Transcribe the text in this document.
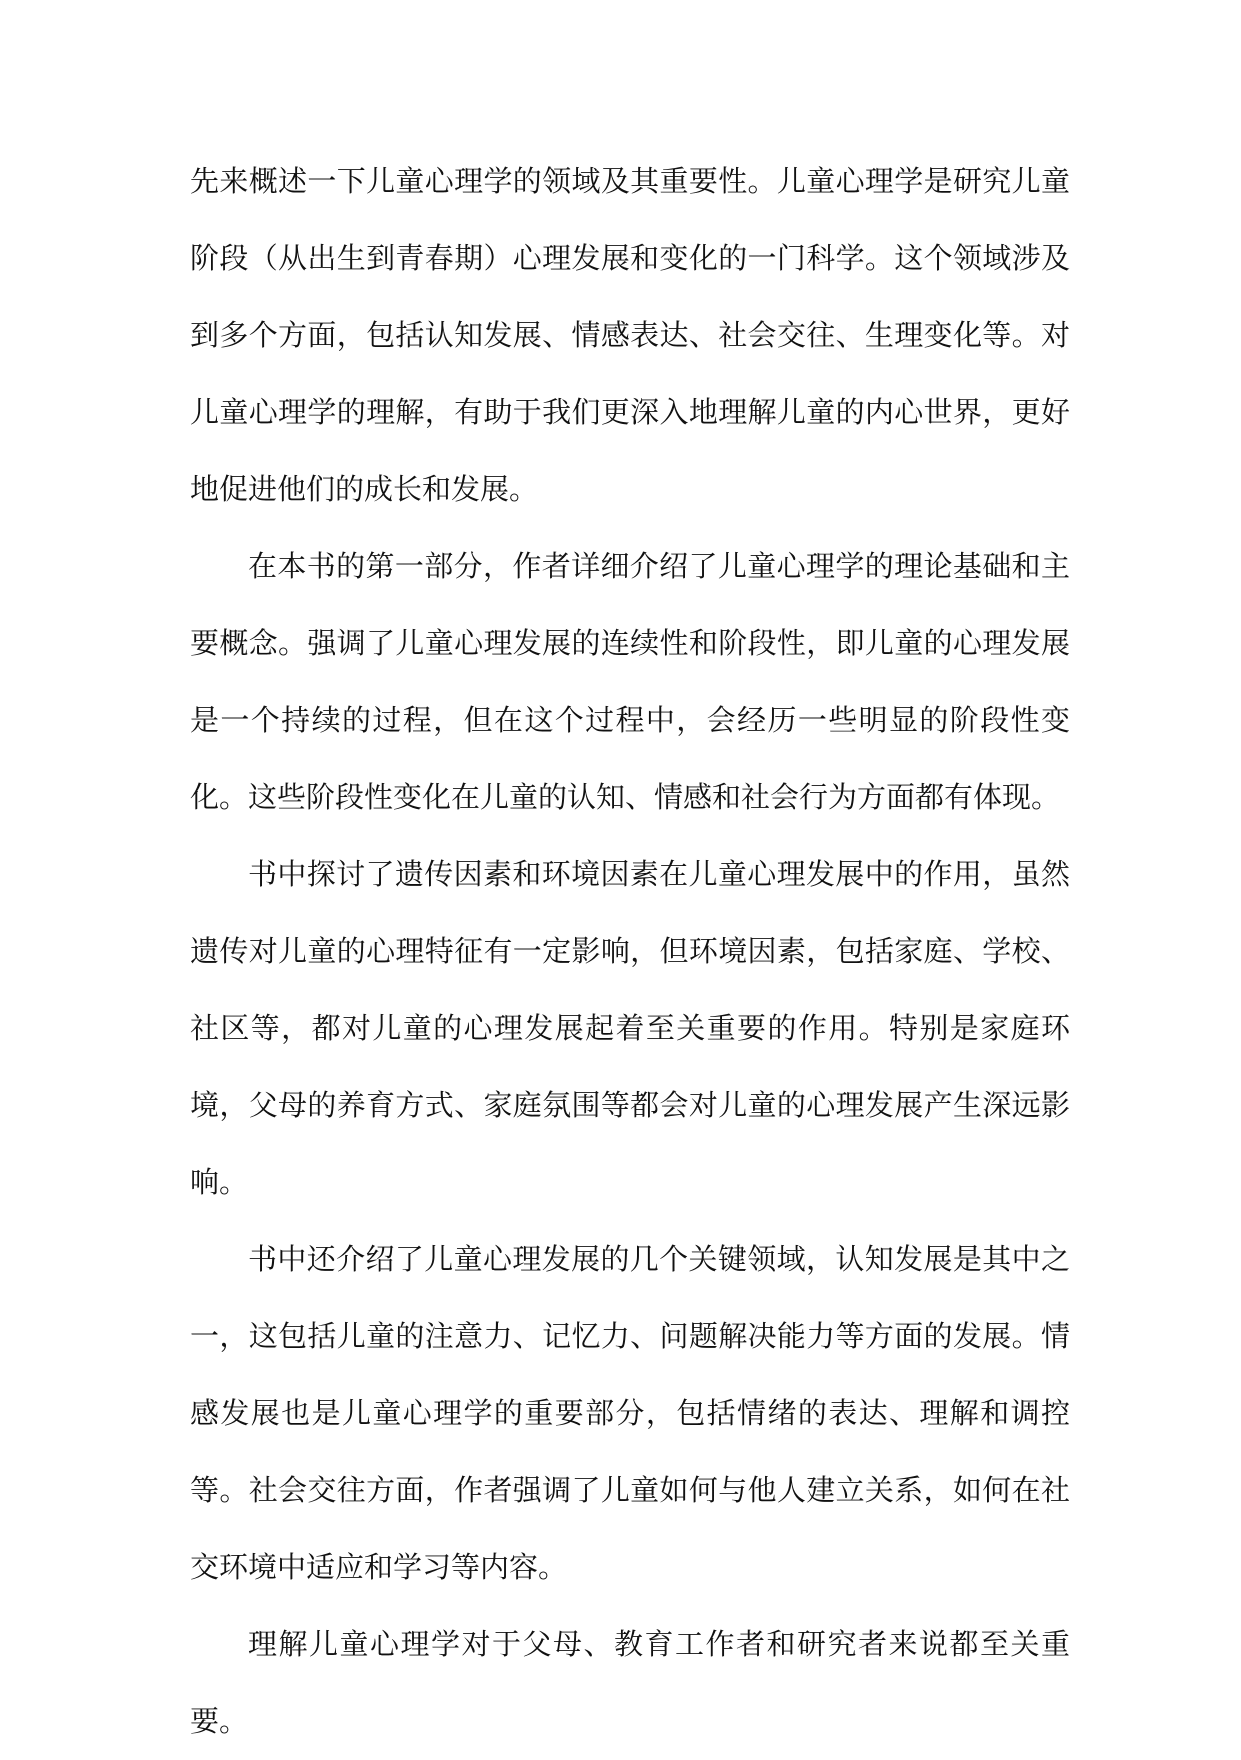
先来概述一下儿童心理学的领域及其重要性。儿童心理学是研究儿童阶段（从出生到青春期）心理发展和变化的一门科学。这个领域涉及到多个方面，包括认知发展、情感表达、社会交往、生理变化等。对儿童心理学的理解，有助于我们更深入地理解儿童的内心世界，更好地促进他们的成长和发展。

在本书的第一部分，作者详细介绍了儿童心理学的理论基础和主要概念。强调了儿童心理发展的连续性和阶段性，即儿童的心理发展是一个持续的过程，但在这个过程中，会经历一些明显的阶段性变化。这些阶段性变化在儿童的认知、情感和社会行为方面都有体现。

书中探讨了遗传因素和环境因素在儿童心理发展中的作用，虽然遗传对儿童的心理特征有一定影响，但环境因素，包括家庭、学校、社区等，都对儿童的心理发展起着至关重要的作用。特别是家庭环境，父母的养育方式、家庭氛围等都会对儿童的心理发展产生深远影响。

书中还介绍了儿童心理发展的几个关键领域，认知发展是其中之一，这包括儿童的注意力、记忆力、问题解决能力等方面的发展。情感发展也是儿童心理学的重要部分，包括情绪的表达、理解和调控等。社会交往方面，作者强调了儿童如何与他人建立关系，如何在社交环境中适应和学习等内容。

理解儿童心理学对于父母、教育工作者和研究者来说都至关重要。
